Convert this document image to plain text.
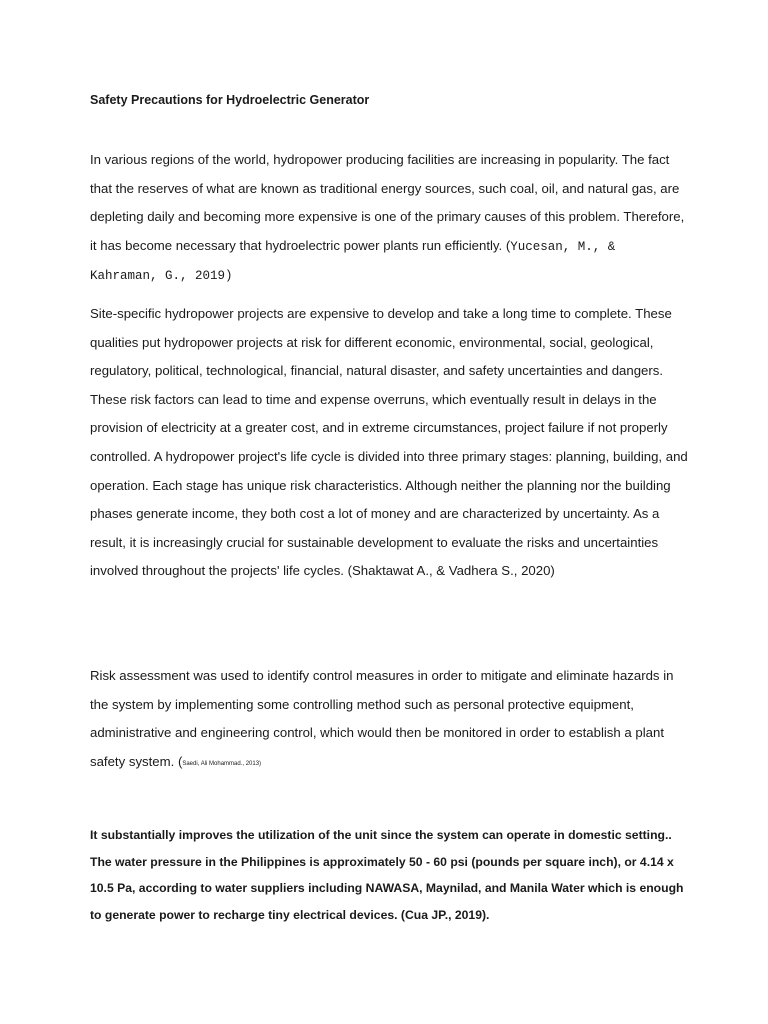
Safety Precautions for Hydroelectric Generator

In various regions of the world, hydropower producing facilities are increasing in popularity. The fact that the reserves of what are known as traditional energy sources, such coal, oil, and natural gas, are depleting daily and becoming more expensive is one of the primary causes of this problem. Therefore, it has become necessary that hydroelectric power plants run efficiently. (Yucesan, M., & Kahraman, G., 2019)

Site-specific hydropower projects are expensive to develop and take a long time to complete. These qualities put hydropower projects at risk for different economic, environmental, social, geological, regulatory, political, technological, financial, natural disaster, and safety uncertainties and dangers. These risk factors can lead to time and expense overruns, which eventually result in delays in the provision of electricity at a greater cost, and in extreme circumstances, project failure if not properly controlled. A hydropower project's life cycle is divided into three primary stages: planning, building, and operation. Each stage has unique risk characteristics. Although neither the planning nor the building phases generate income, they both cost a lot of money and are characterized by uncertainty. As a result, it is increasingly crucial for sustainable development to evaluate the risks and uncertainties involved throughout the projects' life cycles. (Shaktawat A., & Vadhera S., 2020)

Risk assessment was used to identify control measures in order to mitigate and eliminate hazards in the system by implementing some controlling method such as personal protective equipment, administrative and engineering control, which would then be monitored in order to establish a plant safety system. (Saedi, Ali Mohammad., 2013)

It substantially improves the utilization of the unit since the system can operate in domestic setting.. The water pressure in the Philippines is approximately 50 - 60 psi (pounds per square inch), or 4.14 x 10.5 Pa, according to water suppliers including NAWASA, Maynilad, and Manila Water which is enough to generate power to recharge tiny electrical devices. (Cua JP., 2019).
